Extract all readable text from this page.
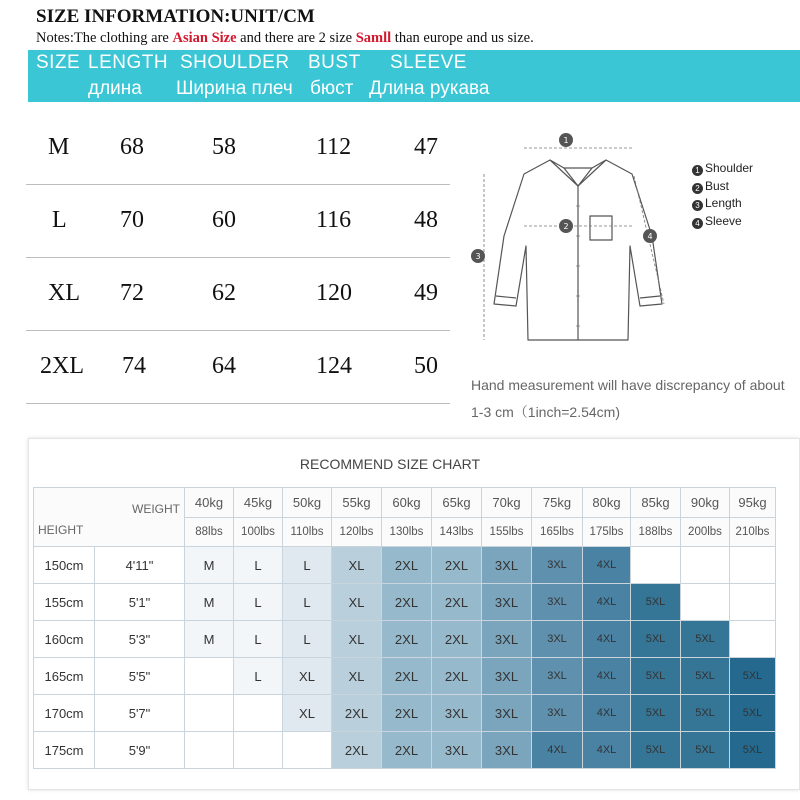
SIZE INFORMATION:UNIT/CM
Notes:The clothing are Asian Size and there are 2 size Samll than europe and us size.
SIZE LENGTH SHOULDER BUST SLEEVE
длина Ширина плеч бюст Длина рукава
M 68	58	112	47
L 70	60	116	48
XL 72	62	120	49
2XL 74	64	124	50
1
2
3
4
1 Shoulder
2 Bust
3 Length
4 Sleeve
Hand measurement will have discrepancy of about 1-3 cm（1inch=2.54cm)
RECOMMEND SIZE CHART
WEIGHT
HEIGHT		40kg	45kg	50kg	55kg	60kg	65kg	70kg	75kg	80kg	85kg	90kg	95kg
		88lbs	100lbs	110lbs	120lbs	130lbs	143lbs	155lbs	165lbs	175lbs	188lbs	200lbs	210lbs
150cm	4'11"	M	L	L	XL	2XL	2XL	3XL	3XL	4XL			
155cm	5'1"	M	L	L	XL	2XL	2XL	3XL	3XL	4XL	5XL		
160cm	5'3"	M	L	L	XL	2XL	2XL	3XL	3XL	4XL	5XL	5XL	
165cm	5'5"		L	XL	XL	2XL	2XL	3XL	3XL	4XL	5XL	5XL	5XL
170cm	5'7"			XL	2XL	2XL	3XL	3XL	3XL	4XL	5XL	5XL	5XL
175cm	5'9"				2XL	2XL	3XL	3XL	4XL	4XL	5XL	5XL	5XL
